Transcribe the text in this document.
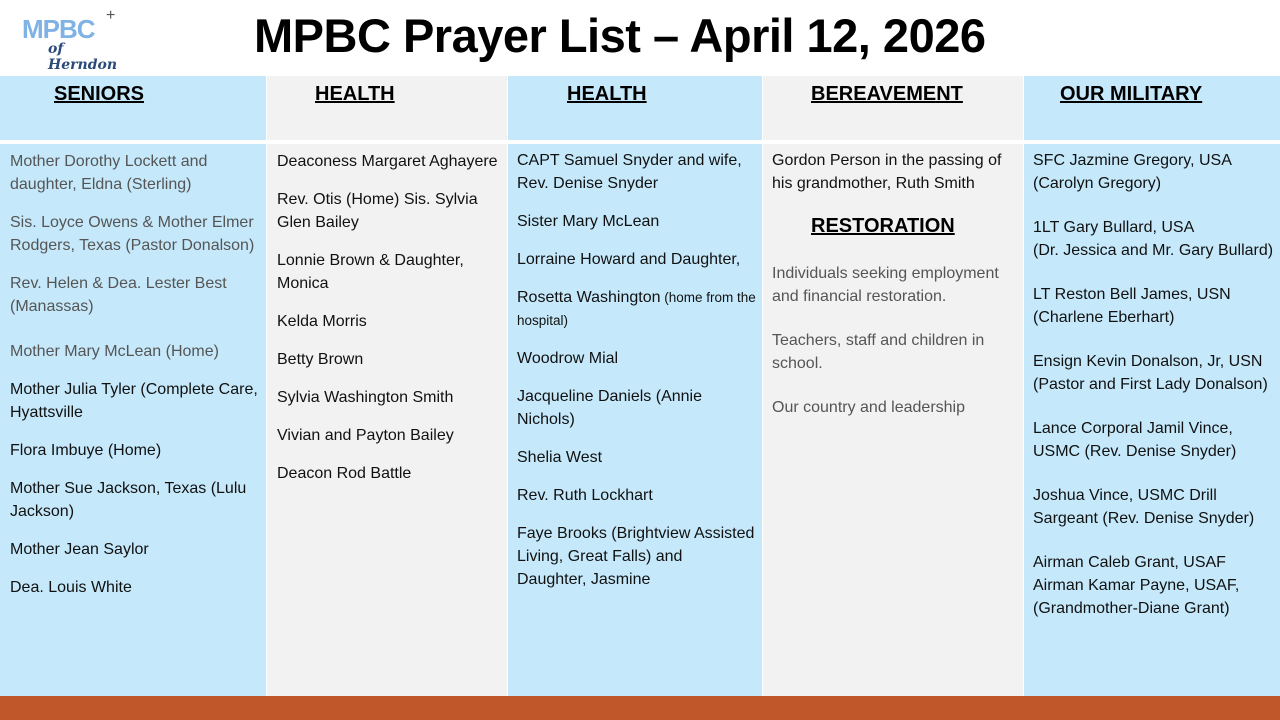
MPBC +
of Herndon
MPBC Prayer List – April 12, 2026
SENIORS
Mother Dorothy Lockett and daughter, Eldna (Sterling)
Sis. Loyce Owens & Mother Elmer Rodgers, Texas (Pastor Donalson)
Rev. Helen & Dea. Lester Best (Manassas)
Mother Mary McLean (Home)
Mother Julia Tyler (Complete Care, Hyattsville
Flora Imbuye (Home)
Mother Sue Jackson, Texas (Lulu Jackson)
Mother Jean Saylor
Dea. Louis White
HEALTH
Deaconess Margaret Aghayere
Rev. Otis (Home) Sis. Sylvia Glen Bailey
Lonnie Brown & Daughter, Monica
Kelda Morris
Betty Brown
Sylvia Washington Smith
Vivian and Payton Bailey
Deacon Rod Battle
HEALTH
CAPT Samuel Snyder and wife, Rev. Denise Snyder
Sister Mary McLean
Lorraine Howard and Daughter,
Rosetta Washington (home from the hospital)
Woodrow Mial
Jacqueline Daniels (Annie Nichols)
Shelia West
Rev. Ruth Lockhart
Faye Brooks (Brightview Assisted Living, Great Falls) and Daughter, Jasmine
BEREAVEMENT
Gordon Person in the passing of his grandmother, Ruth Smith
RESTORATION
Individuals seeking employment and financial restoration.
Teachers, staff and children in school.
Our country and leadership
OUR MILITARY
SFC Jazmine Gregory, USA (Carolyn Gregory)
1LT Gary Bullard, USA
(Dr. Jessica and Mr. Gary Bullard)
LT Reston Bell James, USN (Charlene Eberhart)
Ensign Kevin Donalson, Jr, USN (Pastor and First Lady Donalson)
Lance Corporal Jamil Vince, USMC (Rev. Denise Snyder)
Joshua Vince, USMC Drill Sargeant (Rev. Denise Snyder)
Airman Caleb Grant, USAF
Airman Kamar Payne, USAF,
(Grandmother-Diane Grant)
